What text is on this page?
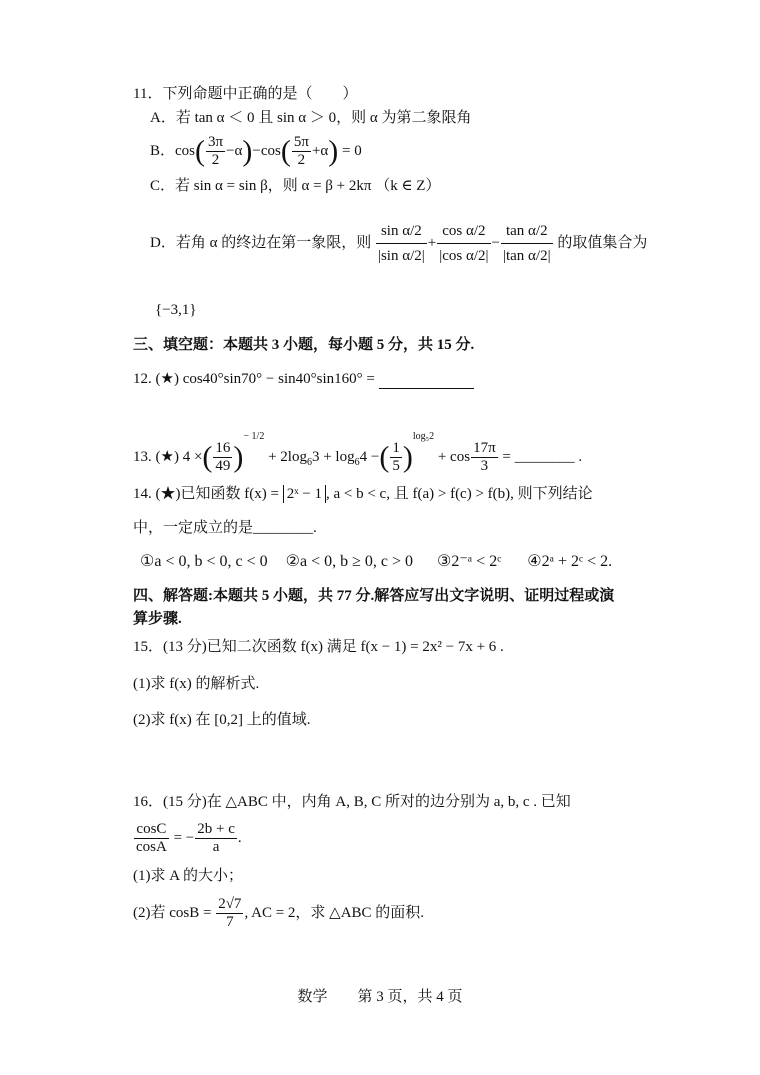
11．下列命题中正确的是（　　）
A．若 tan α ＜ 0 且 sin α ＞ 0，则 α 为第二象限角
B．$\cos( \frac{3\pi}{2} -\alpha)-\cos( \frac{5\pi}{2} +\alpha) = 0$
C．若 sin α = sin β，则 α = β + 2kπ （k ∈ Z）
D．若角 α 的终边在第一象限，则 $\frac{\text{sin α/2}}{\text{|sin α/2|}} + \frac{\text{cos α/2}}{\text{|cos α/2|}} - \frac{\text{tan α/2}}{\text{|tan α/2|}}$ 的取值集合为
{−3,1}
三、填空题：本题共 3 小题，每小题 5 分，共 15 分.
12. (★) cos40°sin70° − sin40°sin160° =
13. (★) 4 ×( $\frac{16}{49} )^{- 1/2} + 2\log_63 + \log_64$ −( $\frac{1}{5} )^{log_52} + \cos \frac{17\pi}{3}$ = ________ .
14. (★)已知函数 f(x) = 2ˣ − 1 , a < b < c, 且 f(a) > f(c) > f(b), 则下列结论
中，一定成立的是________.
①a < 0, b < 0, c < 0 ②a < 0, b ≥ 0, c > 0 ③2⁻ᵃ < 2ᶜ ④2ᵃ + 2ᶜ < 2.
四、解答题:本题共 5 小题，共 77 分.解答应写出文字说明、证明过程或演
算步骤.
15．(13 分)已知二次函数 f(x) 满足 f(x − 1) = 2x² − 7x + 6 .
(1)求 f(x) 的解析式.
(2)求 f(x) 在 [0,2] 上的值域.
16．(15 分)在 △ABC 中，内角 A, B, C 所对的边分别为 a, b, c . 已知
$\frac{\cos C}{\cos A}$ = − $\frac{2b + c}{a}$ .
(1)求 A 的大小；
(2)若 $\cos B = \frac{2√7}{7}$ , AC = 2，求 △ABC 的面积.
数学　　第 3 页，共 4 页
